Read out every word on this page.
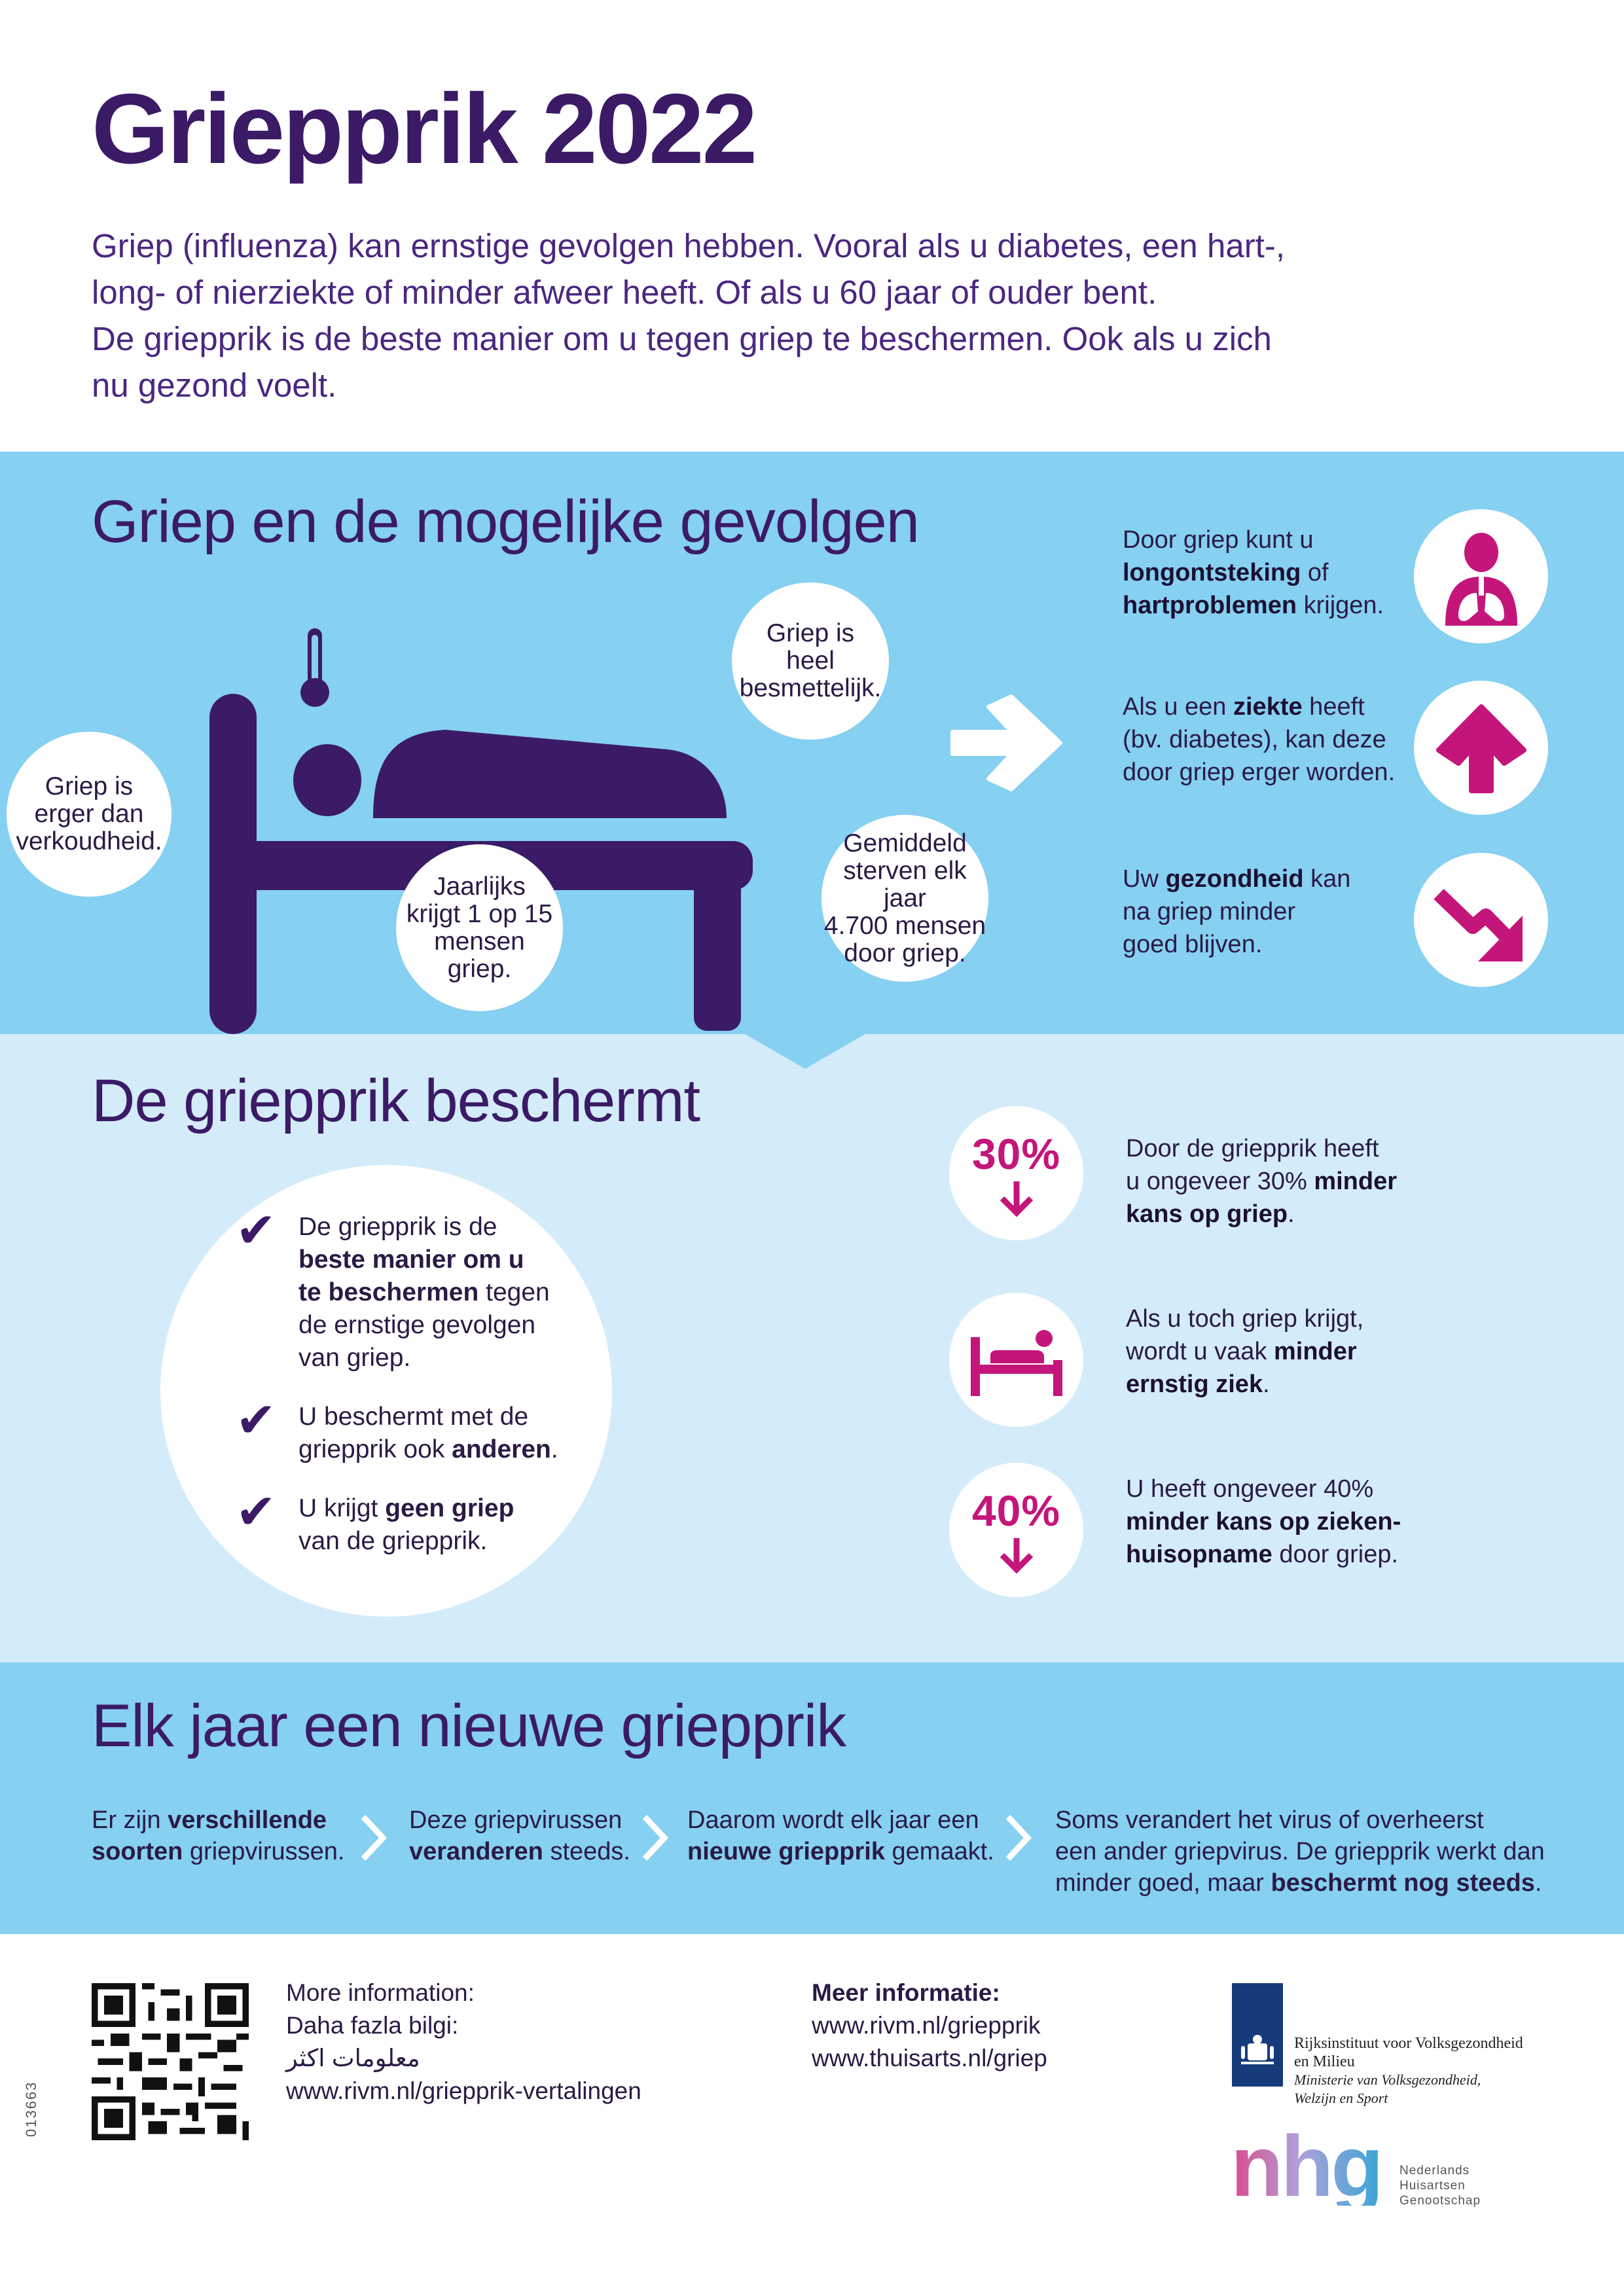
Griepprik 2022
Griep (influenza) kan ernstige gevolgen hebben. Vooral als u diabetes, een hart-,
long- of nierziekte of minder afweer heeft. Of als u 60 jaar of ouder bent.
De griepprik is de beste manier om u tegen griep te beschermen. Ook als u zich
nu gezond voelt.
Griep en de mogelijke gevolgen
Griep is
erger dan
verkoudheid.
Jaarlijks
krijgt 1 op 15
mensen
griep.
Griep is
heel
besmettelijk.
Gemiddeld
sterven elk jaar
4.700 mensen
door griep.
Door griep kunt u
longontsteking of
hartproblemen krijgen.
Als u een ziekte heeft
(bv. diabetes), kan deze
door griep erger worden.
Uw gezondheid kan
na griep minder
goed blijven.
De griepprik beschermt
✔ De griepprik is de
beste manier om u
te beschermen tegen
de ernstige gevolgen
van griep.
✔ U beschermt met de
griepprik ook anderen.
✔ U krijgt geen griep
van de griepprik.
30%	Door de griepprik heeft
u ongeveer 30% minder
kans op griep.
Als u toch griep krijgt,
wordt u vaak minder
ernstig ziek.
40%	U heeft ongeveer 40%
minder kans op zieken-
huisopname door griep.
Elk jaar een nieuwe griepprik
Er zijn verschillende
soorten griepvirussen.
Deze griepvirussen
veranderen steeds.
Daarom wordt elk jaar een
nieuwe griepprik gemaakt.
Soms verandert het virus of overheerst
een ander griepvirus. De griepprik werkt dan
minder goed, maar beschermt nog steeds.
013663
More information:
Daha fazla bilgi:
معلومات اكثر
www.rivm.nl/griepprik-vertalingen
Meer informatie:
www.rivm.nl/griepprik
www.thuisarts.nl/griep
Rijksinstituut voor Volksgezondheid
en Milieu
Ministerie van Volksgezondheid,
Welzijn en Sport
nhg Nederlands
Huisartsen
Genootschap
